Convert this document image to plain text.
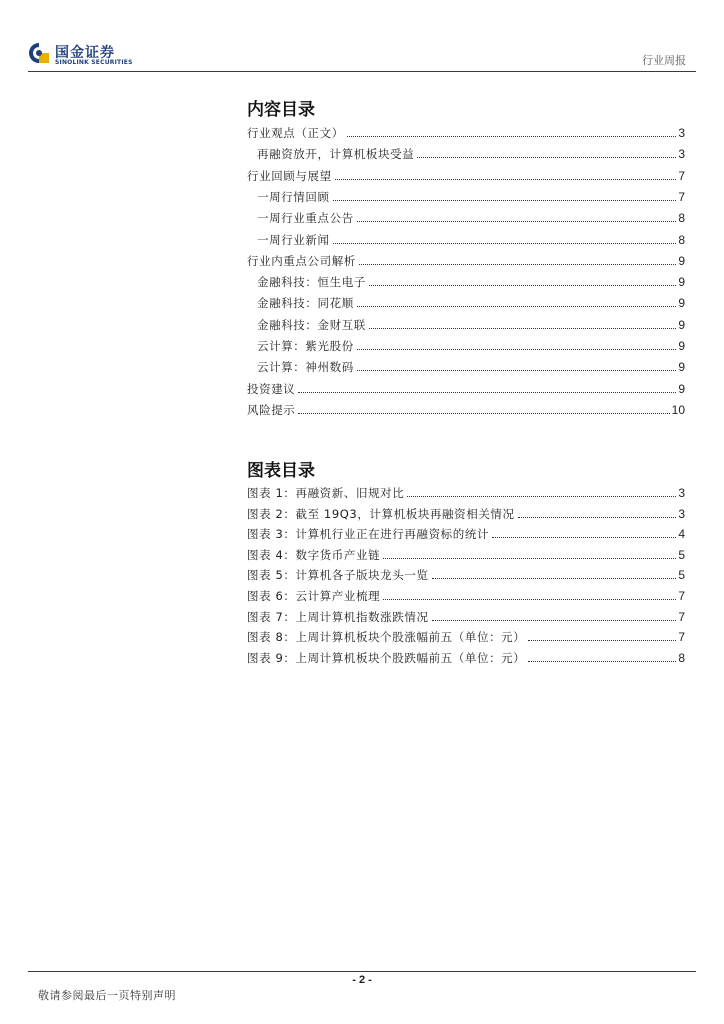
国金证券
SINOLINK SECURITIES	行业周报
内容目录
行业观点（正文）	3
再融资放开，计算机板块受益	3
行业回顾与展望	7
一周行情回顾	7
一周行业重点公告	8
一周行业新闻	8
行业内重点公司解析	9
金融科技：恒生电子	9
金融科技：同花顺	9
金融科技：金财互联	9
云计算：紫光股份	9
云计算：神州数码	9
投资建议	9
风险提示	10
图表目录
图表 1：再融资新、旧规对比	3
图表 2：截至 19Q3，计算机板块再融资相关情况	3
图表 3：计算机行业正在进行再融资标的统计	4
图表 4：数字货币产业链	5
图表 5：计算机各子版块龙头一览	5
图表 6：云计算产业梳理	7
图表 7：上周计算机指数涨跌情况	7
图表 8：上周计算机板块个股涨幅前五（单位：元）	7
图表 9：上周计算机板块个股跌幅前五（单位：元）	8
- 2 -
敬请参阅最后一页特别声明
